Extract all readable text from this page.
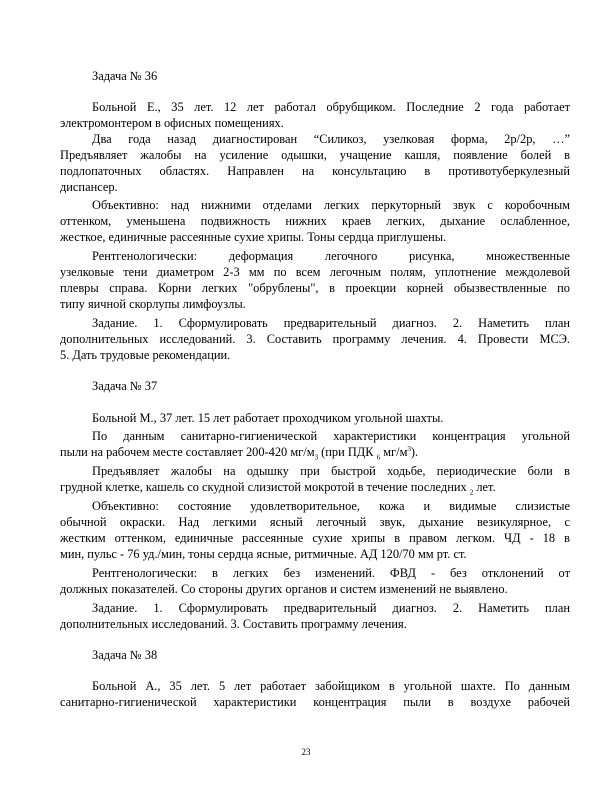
Задача № 36
Больной Е., 35 лет. 12 лет работал обрубщиком. Последние 2 года работает
электромонтером в офисных помещениях.
Два года назад диагностирован “Силикоз, узелковая форма, 2р/2р, …”
Предъявляет жалобы на усиление одышки, учащение кашля, появление болей в
подлопаточных областях. Направлен на консультацию в противотуберкулезный
диспансер.
Объективно: над нижними отделами легких перкуторный звук с коробочным
оттенком, уменьшена подвижность нижних краев легких, дыхание ослабленное,
жесткое, единичные рассеянные сухие хрипы. Тоны сердца приглушены.
Рентгенологически: деформация легочного рисунка, множественные
узелковые тени диаметром 2-3 мм по всем легочным полям, уплотнение междолевой
плевры справа. Корни легких "обрублены", в проекции корней обызвествленные по
типу яичной скорлупы лимфоузлы.
Задание. 1. Сформулировать предварительный диагноз. 2. Наметить план
дополнительных исследований. 3. Составить программу лечения. 4. Провести МСЭ.
5. Дать трудовые рекомендации.
Задача № 37
Больной М., 37 лет. 15 лет работает проходчиком угольной шахты.
По данным санитарно-гигиенической характеристики концентрация угольной
пыли на рабочем месте составляет 200-420 $мг/м_3$ (при ПДК $_6$ $мг/м^3$).
Предъявляет жалобы на одышку при быстрой ходьбе, периодические боли в
грудной клетке, кашель со скудной слизистой мокротой в течение последних $_2$ лет.
Объективно: состояние удовлетворительное, кожа и видимые слизистые
обычной окраски. Над легкими ясный легочный звук, дыхание везикулярное, с
жестким оттенком, единичные рассеянные сухие хрипы в правом легком. ЧД - 18 в
мин, пульс - 76 уд./мин, тоны сердца ясные, ритмичные. АД 120/70 мм рт. ст.
Рентгенологически: в легких без изменений. ФВД - без отклонений от
должных показателей. Со стороны других органов и систем изменений не выявлено.
Задание. 1. Сформулировать предварительный диагноз. 2. Наметить план
дополнительных исследований. 3. Составить программу лечения.
Задача № 38
Больной А., 35 лет. 5 лет работает забойщиком в угольной шахте. По данным
санитарно-гигиенической характеристики концентрация пыли в воздухе рабочей
23
